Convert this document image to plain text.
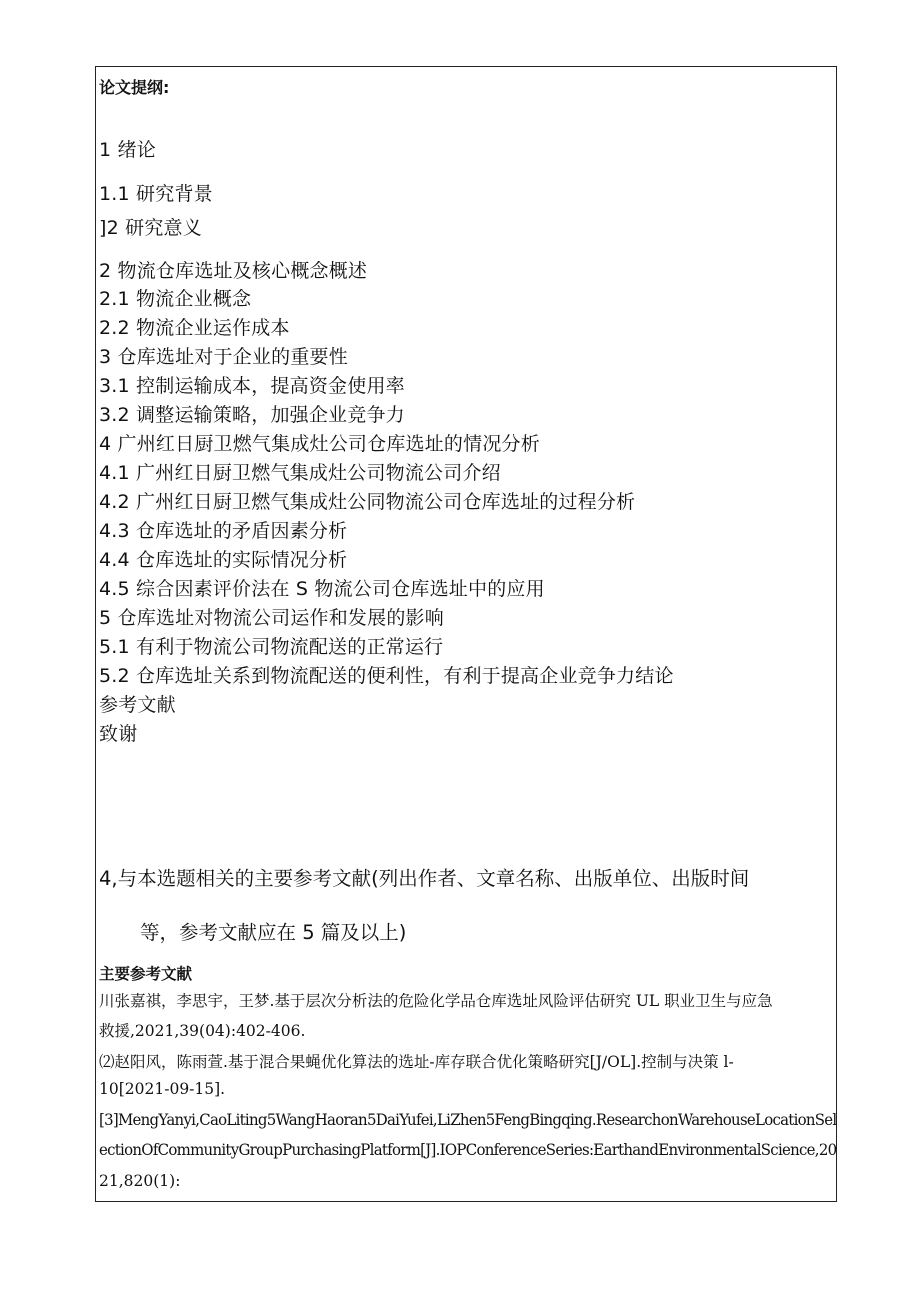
论文提纲:
1 绪论
1.1 研究背景
]2 研究意义
2 物流仓库选址及核心概念概述
2.1 物流企业概念
2.2 物流企业运作成本
3 仓库选址对于企业的重要性
3.1 控制运输成本，提高资金使用率
3.2 调整运输策略，加强企业竞争力
4 广州红日厨卫燃气集成灶公司仓库选址的情况分析
4.1 广州红日厨卫燃气集成灶公司物流公司介绍
4.2 广州红日厨卫燃气集成灶公同物流公司仓库选址的过程分析
4.3 仓库选址的矛盾因素分析
4.4 仓库选址的实际情况分析
4.5 综合因素评价法在 S 物流公司仓库选址中的应用
5 仓库选址对物流公司运作和发展的影响
5.1 有利于物流公司物流配送的正常运行
5.2 仓库选址关系到物流配送的便利性，有利于提高企业竞争力结论
参考文献
致谢
4,与本选题相关的主要参考文献(列出作者、文章名称、出版单位、出版时间
等，参考文献应在 5 篇及以上)
主要参考文献
川张嘉祺，李思宇，王梦.基于层次分析法的危险化学品仓库选址风险评估研究 UL 职业卫生与应急
救援,2021,39(04):402-406.
⑵赵阳风，陈雨萱.基于混合果蝇优化算法的选址-库存联合优化策略研究[J∕OL].控制与决策 l-
10[2021-09-15].
[3]MengYanyi,CaoLiting5WangHaoran5DaiYufei,LiZhen5FengBingqing.ResearchonWarehouseLocationSel
ectionOfCommunityGroupPurchasingPlatform[J].IOPConferenceSeries:EarthandEnvironmentalScience,20
21,820(1):
